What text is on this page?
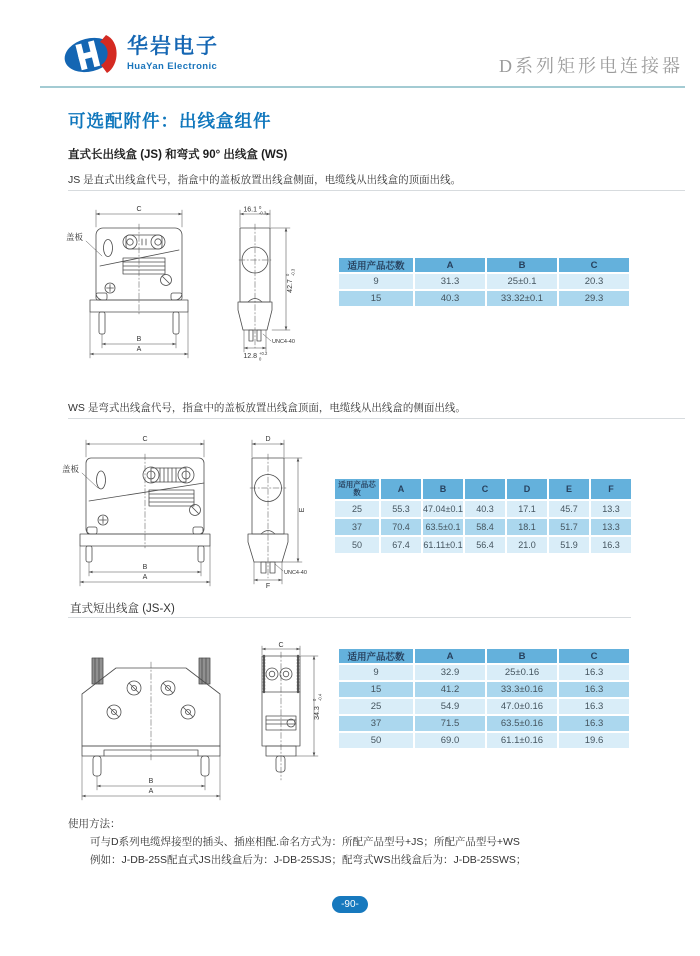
华岩电子
HuaYan Electronic	D系列矩形电连接器
可选配附件：出线盒组件
直式长出线盒 (JS) 和弯式 90° 出线盒 (WS)
JS 是直式出线盒代号，指盒中的盖板放置出线盒侧面，电缆线从出线盒的顶面出线。
盖板
C
B
A
16.1 0
-0.3
42.7
0 -0.3
12.8 +0.2
0
UNC4-40
适用产品芯数	A	B	C
9	31.3	25±0.1	20.3
15	40.3	33.32±0.1	29.3
WS 是弯式出线盒代号，指盒中的盖板放置出线盒顶面，电缆线从出线盒的侧面出线。
盖板
C
B
A
D
E
UNC4-40
F
适用产品芯数	A	B	C	D	E	F
25	55.3	47.04±0.1	40.3	17.1	45.7	13.3
37	70.4	63.5±0.1	58.4	18.1	51.7	13.3
50	67.4	61.11±0.1	56.4	21.0	51.9	16.3
直式短出线盒 (JS-X)
B
A
C
34.3
0 -0.4
适用产品芯数	A	B	C
9	32.9	25±0.16	16.3
15	41.2	33.3±0.16	16.3
25	54.9	47.0±0.16	16.3
37	71.5	63.5±0.16	16.3
50	69.0	61.1±0.16	19.6
使用方法：
可与D系列电缆焊接型的插头、插座相配.命名方式为：所配产品型号+JS；所配产品型号+WS
例如：J-DB-25S配直式JS出线盒后为：J-DB-25SJS；配弯式WS出线盒后为：J-DB-25SWS；
-90-
